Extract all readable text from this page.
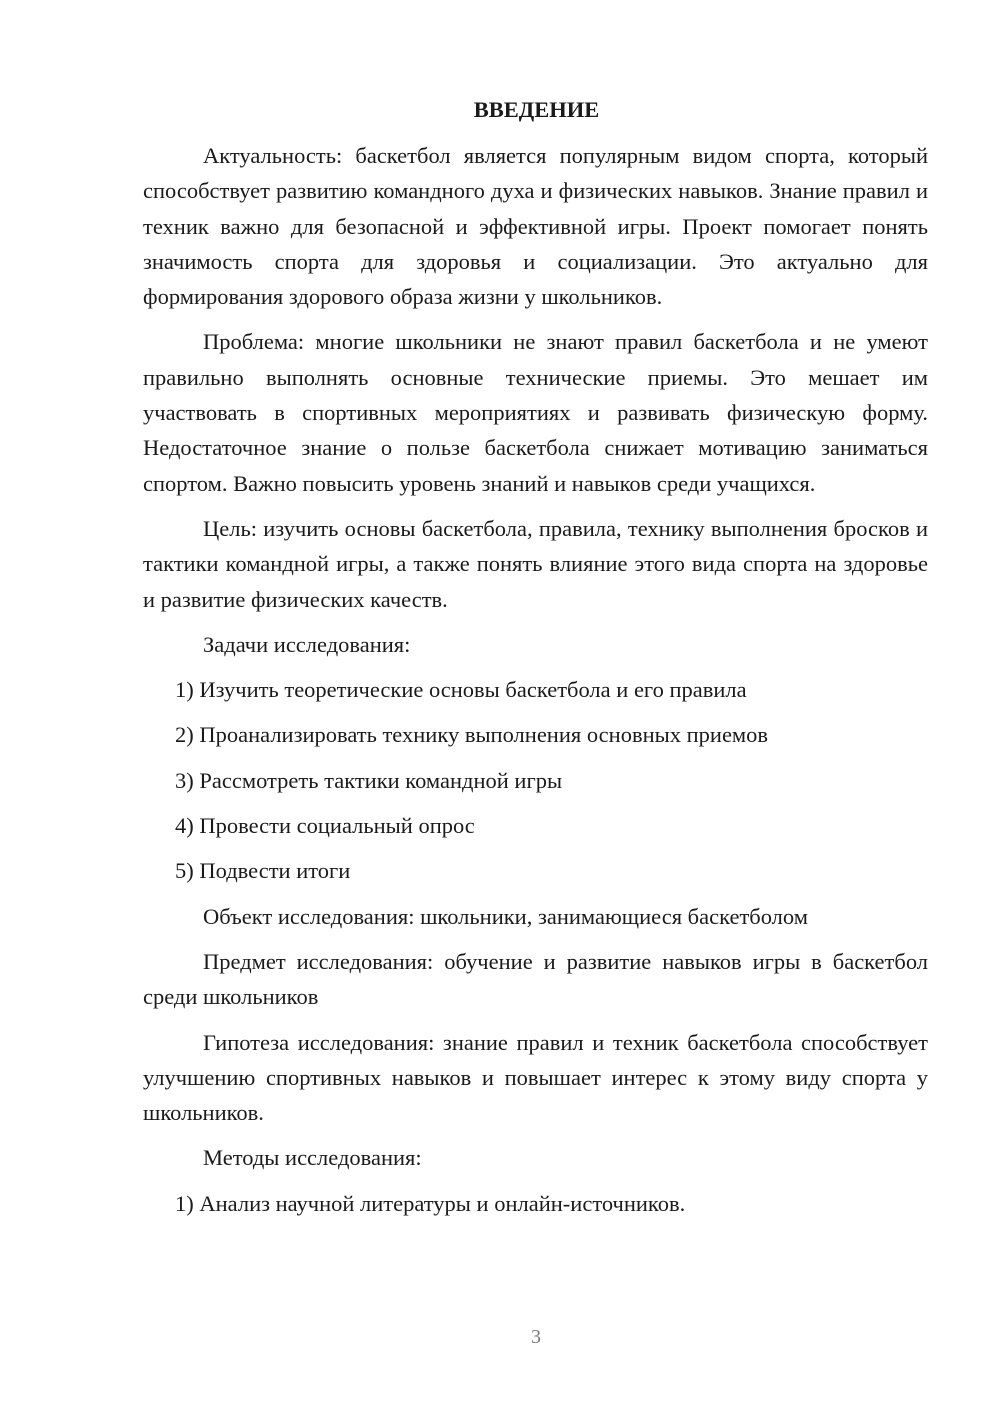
ВВЕДЕНИЕ

Актуальность: баскетбол является популярным видом спорта, который способствует развитию командного духа и физических навыков. Знание правил и техник важно для безопасной и эффективной игры. Проект помогает понять значимость спорта для здоровья и социализации. Это актуально для формирования здорового образа жизни у школьников.

Проблема: многие школьники не знают правил баскетбола и не умеют правильно выполнять основные технические приемы. Это мешает им участвовать в спортивных мероприятиях и развивать физическую форму. Недостаточное знание о пользе баскетбола снижает мотивацию заниматься спортом. Важно повысить уровень знаний и навыков среди учащихся.

Цель: изучить основы баскетбола, правила, технику выполнения бросков и тактики командной игры, а также понять влияние этого вида спорта на здоровье и развитие физических качеств.

Задачи исследования:
1) Изучить теоретические основы баскетбола и его правила
2) Проанализировать технику выполнения основных приемов
3) Рассмотреть тактики командной игры
4) Провести социальный опрос
5) Подвести итоги

Объект исследования: школьники, занимающиеся баскетболом

Предмет исследования: обучение и развитие навыков игры в баскетбол среди школьников

Гипотеза исследования: знание правил и техник баскетбола способствует улучшению спортивных навыков и повышает интерес к этому виду спорта у школьников.

Методы исследования:
1) Анализ научной литературы и онлайн-источников.
3
